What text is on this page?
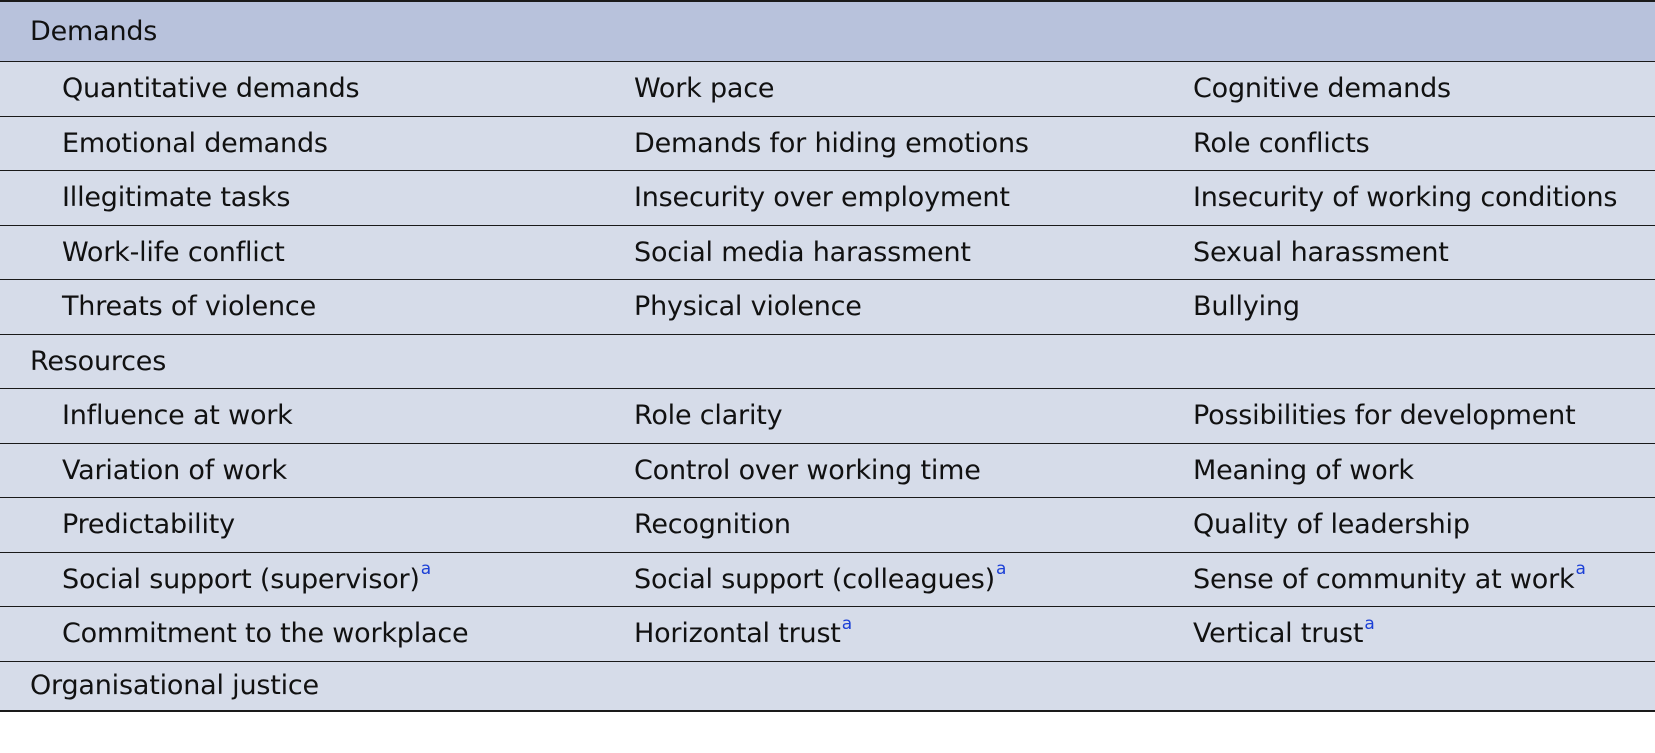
Demands
Quantitative demands	Work pace	Cognitive demands
Emotional demands	Demands for hiding emotions	Role conflicts
Illegitimate tasks	Insecurity over employment	Insecurity of working conditions
Work-life conflict	Social media harassment	Sexual harassment
Threats of violence	Physical violence	Bullying
Resources
Influence at work	Role clarity	Possibilities for development
Variation of work	Control over working time	Meaning of work
Predictability	Recognition	Quality of leadership
Social support (supervisor)$^a$	Social support (colleagues)$^a$	Sense of community at work$^a$
Commitment to the workplace	Horizontal trust$^a$	Vertical trust$^a$
Organisational justice
